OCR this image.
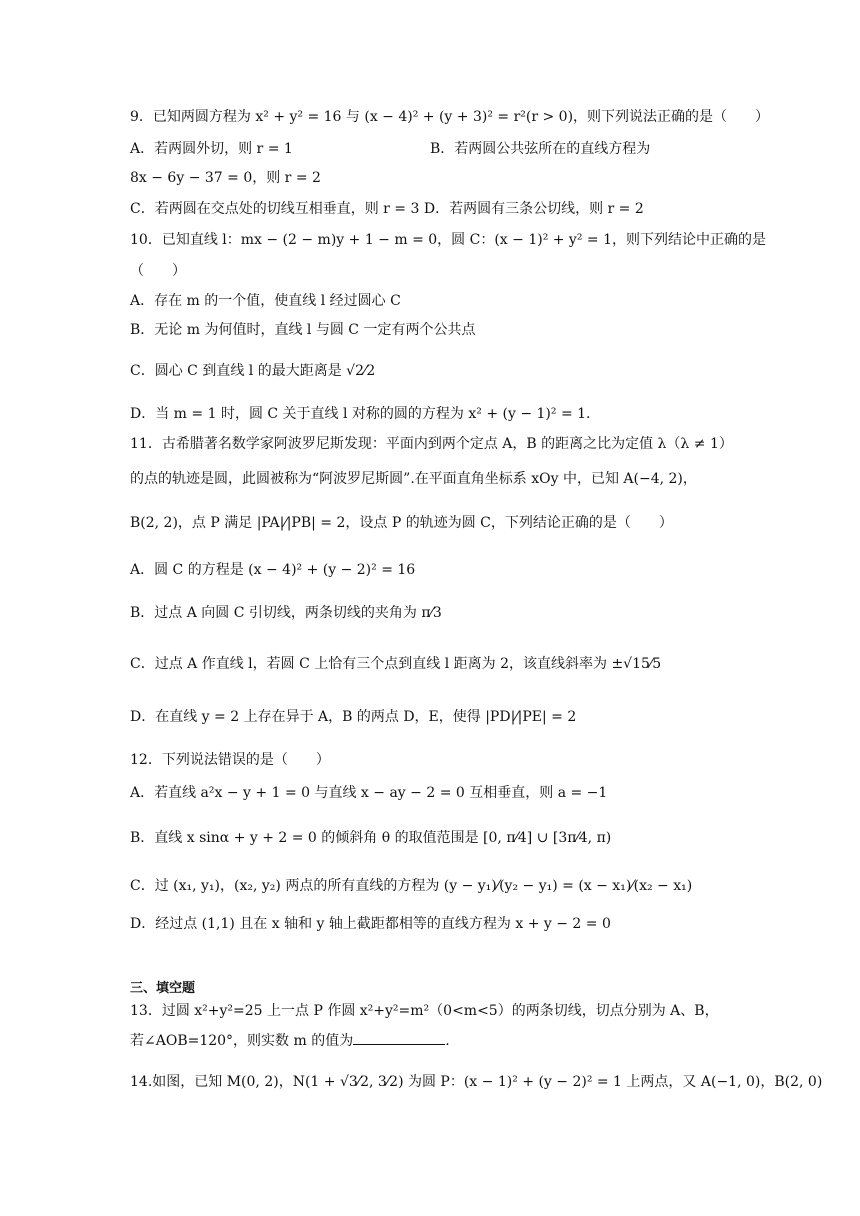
9．已知两圆方程为 x² + y² = 16 与 (x − 4)² + (y + 3)² = r²(r > 0)，则下列说法正确的是（　　）
A．若两圆外切，则 r = 1	B．若两圆公共弦所在的直线方程为
8x − 6y − 37 = 0，则 r = 2
C．若两圆在交点处的切线互相垂直，则 r = 3 D．若两圆有三条公切线，则 r = 2
10．已知直线 l：mx − (2 − m)y + 1 − m = 0，圆 C：(x − 1)² + y² = 1，则下列结论中正确的是
（　　）
A．存在 m 的一个值，使直线 l 经过圆心 C
B．无论 m 为何值时，直线 l 与圆 C 一定有两个公共点
C．圆心 C 到直线 l 的最大距离是 √2⁄2
D．当 m = 1 时，圆 C 关于直线 l 对称的圆的方程为 x² + (y − 1)² = 1.
11．古希腊著名数学家阿波罗尼斯发现：平面内到两个定点 A，B 的距离之比为定值 λ（λ ≠ 1）
的点的轨迹是圆，此圆被称为“阿波罗尼斯圆”.在平面直角坐标系 xOy 中，已知 A(−4, 2)，
B(2, 2)，点 P 满足 |PA|⁄|PB| = 2，设点 P 的轨迹为圆 C，下列结论正确的是（　　）
A．圆 C 的方程是 (x − 4)² + (y − 2)² = 16
B．过点 A 向圆 C 引切线，两条切线的夹角为 π⁄3
C．过点 A 作直线 l，若圆 C 上恰有三个点到直线 l 距离为 2，该直线斜率为 ±√15⁄5
D．在直线 y = 2 上存在异于 A，B 的两点 D，E，使得 |PD|⁄|PE| = 2
12．下列说法错误的是（　　）
A．若直线 a²x − y + 1 = 0 与直线 x − ay − 2 = 0 互相垂直，则 a = −1
B．直线 x sinα + y + 2 = 0 的倾斜角 θ 的取值范围是 [0, π⁄4] ∪ [3π⁄4, π)
C．过 (x₁, y₁)，(x₂, y₂) 两点的所有直线的方程为 (y − y₁)⁄(y₂ − y₁) = (x − x₁)⁄(x₂ − x₁)
D．经过点 (1,1) 且在 x 轴和 y 轴上截距都相等的直线方程为 x + y − 2 = 0
三、填空题
13．过圆 x²+y²=25 上一点 P 作圆 x²+y²=m²（0<m<5）的两条切线，切点分别为 A、B，
若∠AOB=120°，则实数 m 的值为	.
14.如图，已知 M(0, 2)，N(1 + √3⁄2, 3⁄2) 为圆 P：(x − 1)² + (y − 2)² = 1 上两点，又 A(−1, 0)，B(2, 0)
